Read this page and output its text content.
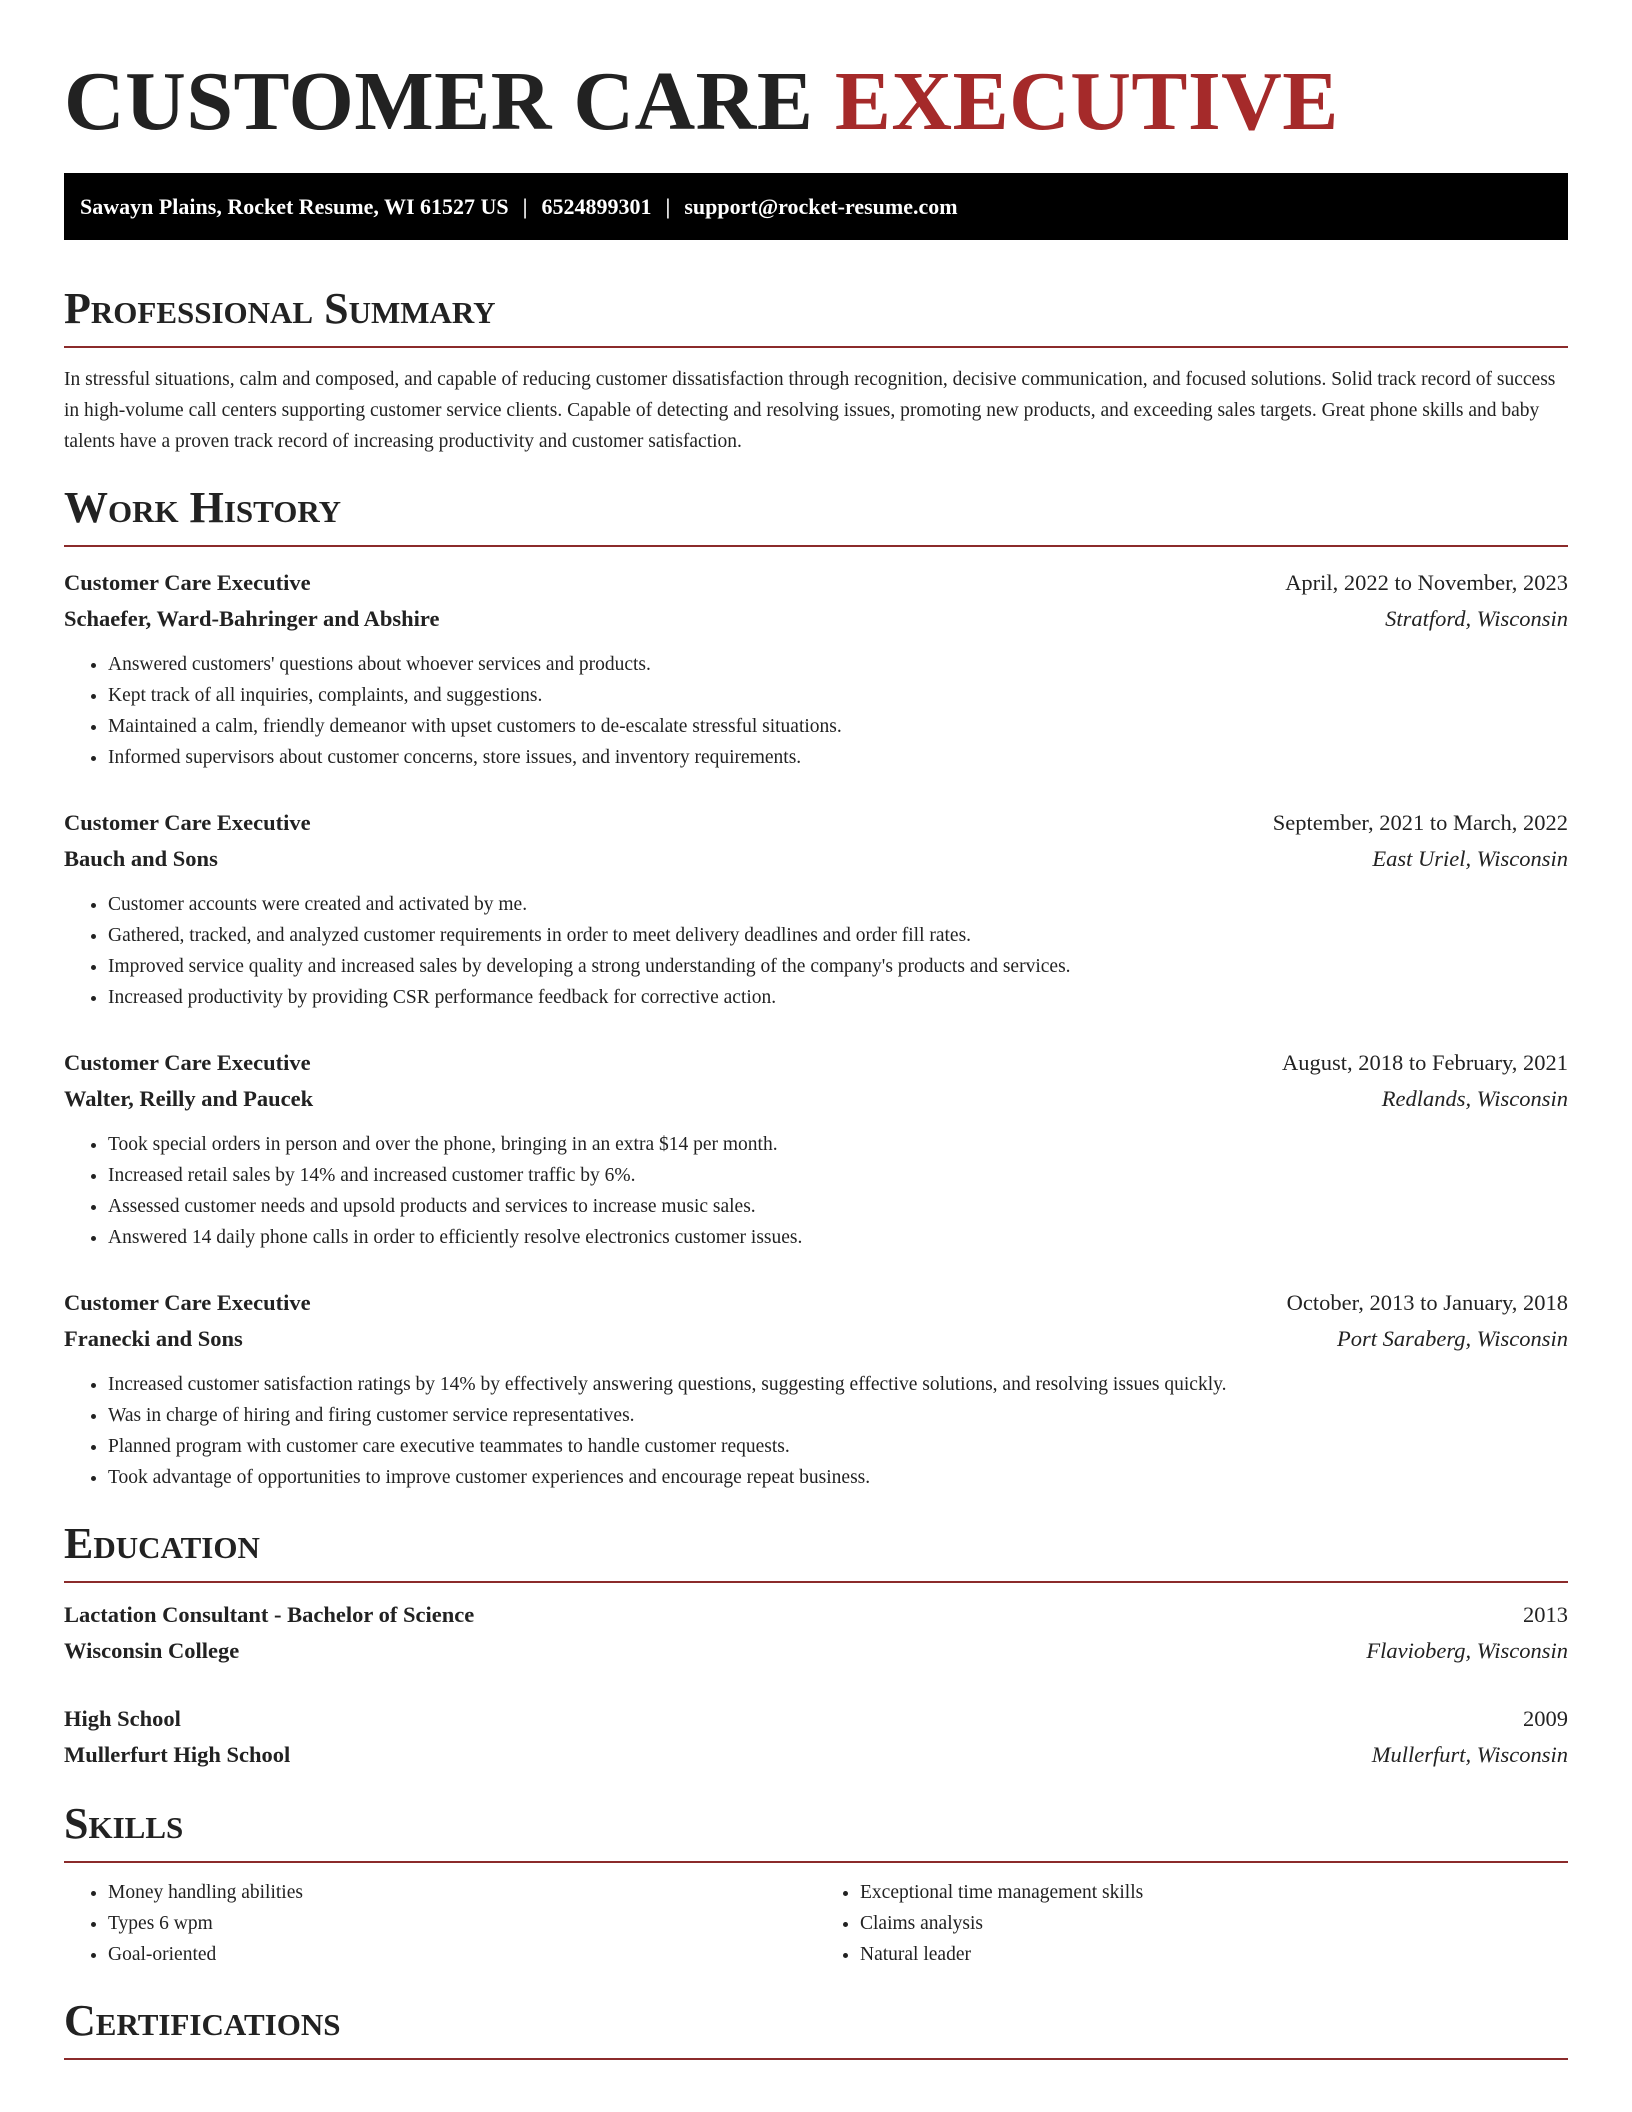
CUSTOMER CARE EXECUTIVE
Sawayn Plains, Rocket Resume, WI 61527 US | 6524899301 | support@rocket-resume.com
Professional Summary

In stressful situations, calm and composed, and capable of reducing customer dissatisfaction through recognition, decisive communication, and focused solutions. Solid track record of success in high-volume call centers supporting customer service clients. Capable of detecting and resolving issues, promoting new products, and exceeding sales targets. Great phone skills and baby talents have a proven track record of increasing productivity and customer satisfaction.

Work History
Customer Care Executive	April, 2022 to November, 2023
Schaefer, Ward-Bahringer and Abshire	Stratford, Wisconsin
• Answered customers' questions about whoever services and products.
• Kept track of all inquiries, complaints, and suggestions.
• Maintained a calm, friendly demeanor with upset customers to de-escalate stressful situations.
• Informed supervisors about customer concerns, store issues, and inventory requirements.
Customer Care Executive	September, 2021 to March, 2022
Bauch and Sons	East Uriel, Wisconsin
• Customer accounts were created and activated by me.
• Gathered, tracked, and analyzed customer requirements in order to meet delivery deadlines and order fill rates.
• Improved service quality and increased sales by developing a strong understanding of the company's products and services.
• Increased productivity by providing CSR performance feedback for corrective action.
Customer Care Executive	August, 2018 to February, 2021
Walter, Reilly and Paucek	Redlands, Wisconsin
• Took special orders in person and over the phone, bringing in an extra $14 per month.
• Increased retail sales by 14% and increased customer traffic by 6%.
• Assessed customer needs and upsold products and services to increase music sales.
• Answered 14 daily phone calls in order to efficiently resolve electronics customer issues.
Customer Care Executive	October, 2013 to January, 2018
Franecki and Sons	Port Saraberg, Wisconsin
• Increased customer satisfaction ratings by 14% by effectively answering questions, suggesting effective solutions, and resolving issues quickly.
• Was in charge of hiring and firing customer service representatives.
• Planned program with customer care executive teammates to handle customer requests.
• Took advantage of opportunities to improve customer experiences and encourage repeat business.
Education
Lactation Consultant - Bachelor of Science	2013
Wisconsin College	Flavioberg, Wisconsin
High School	2009
Mullerfurt High School	Mullerfurt, Wisconsin
Skills
• Money handling abilities
• Types 6 wpm
• Goal-oriented
• Exceptional time management skills
• Claims analysis
• Natural leader
Certifications
